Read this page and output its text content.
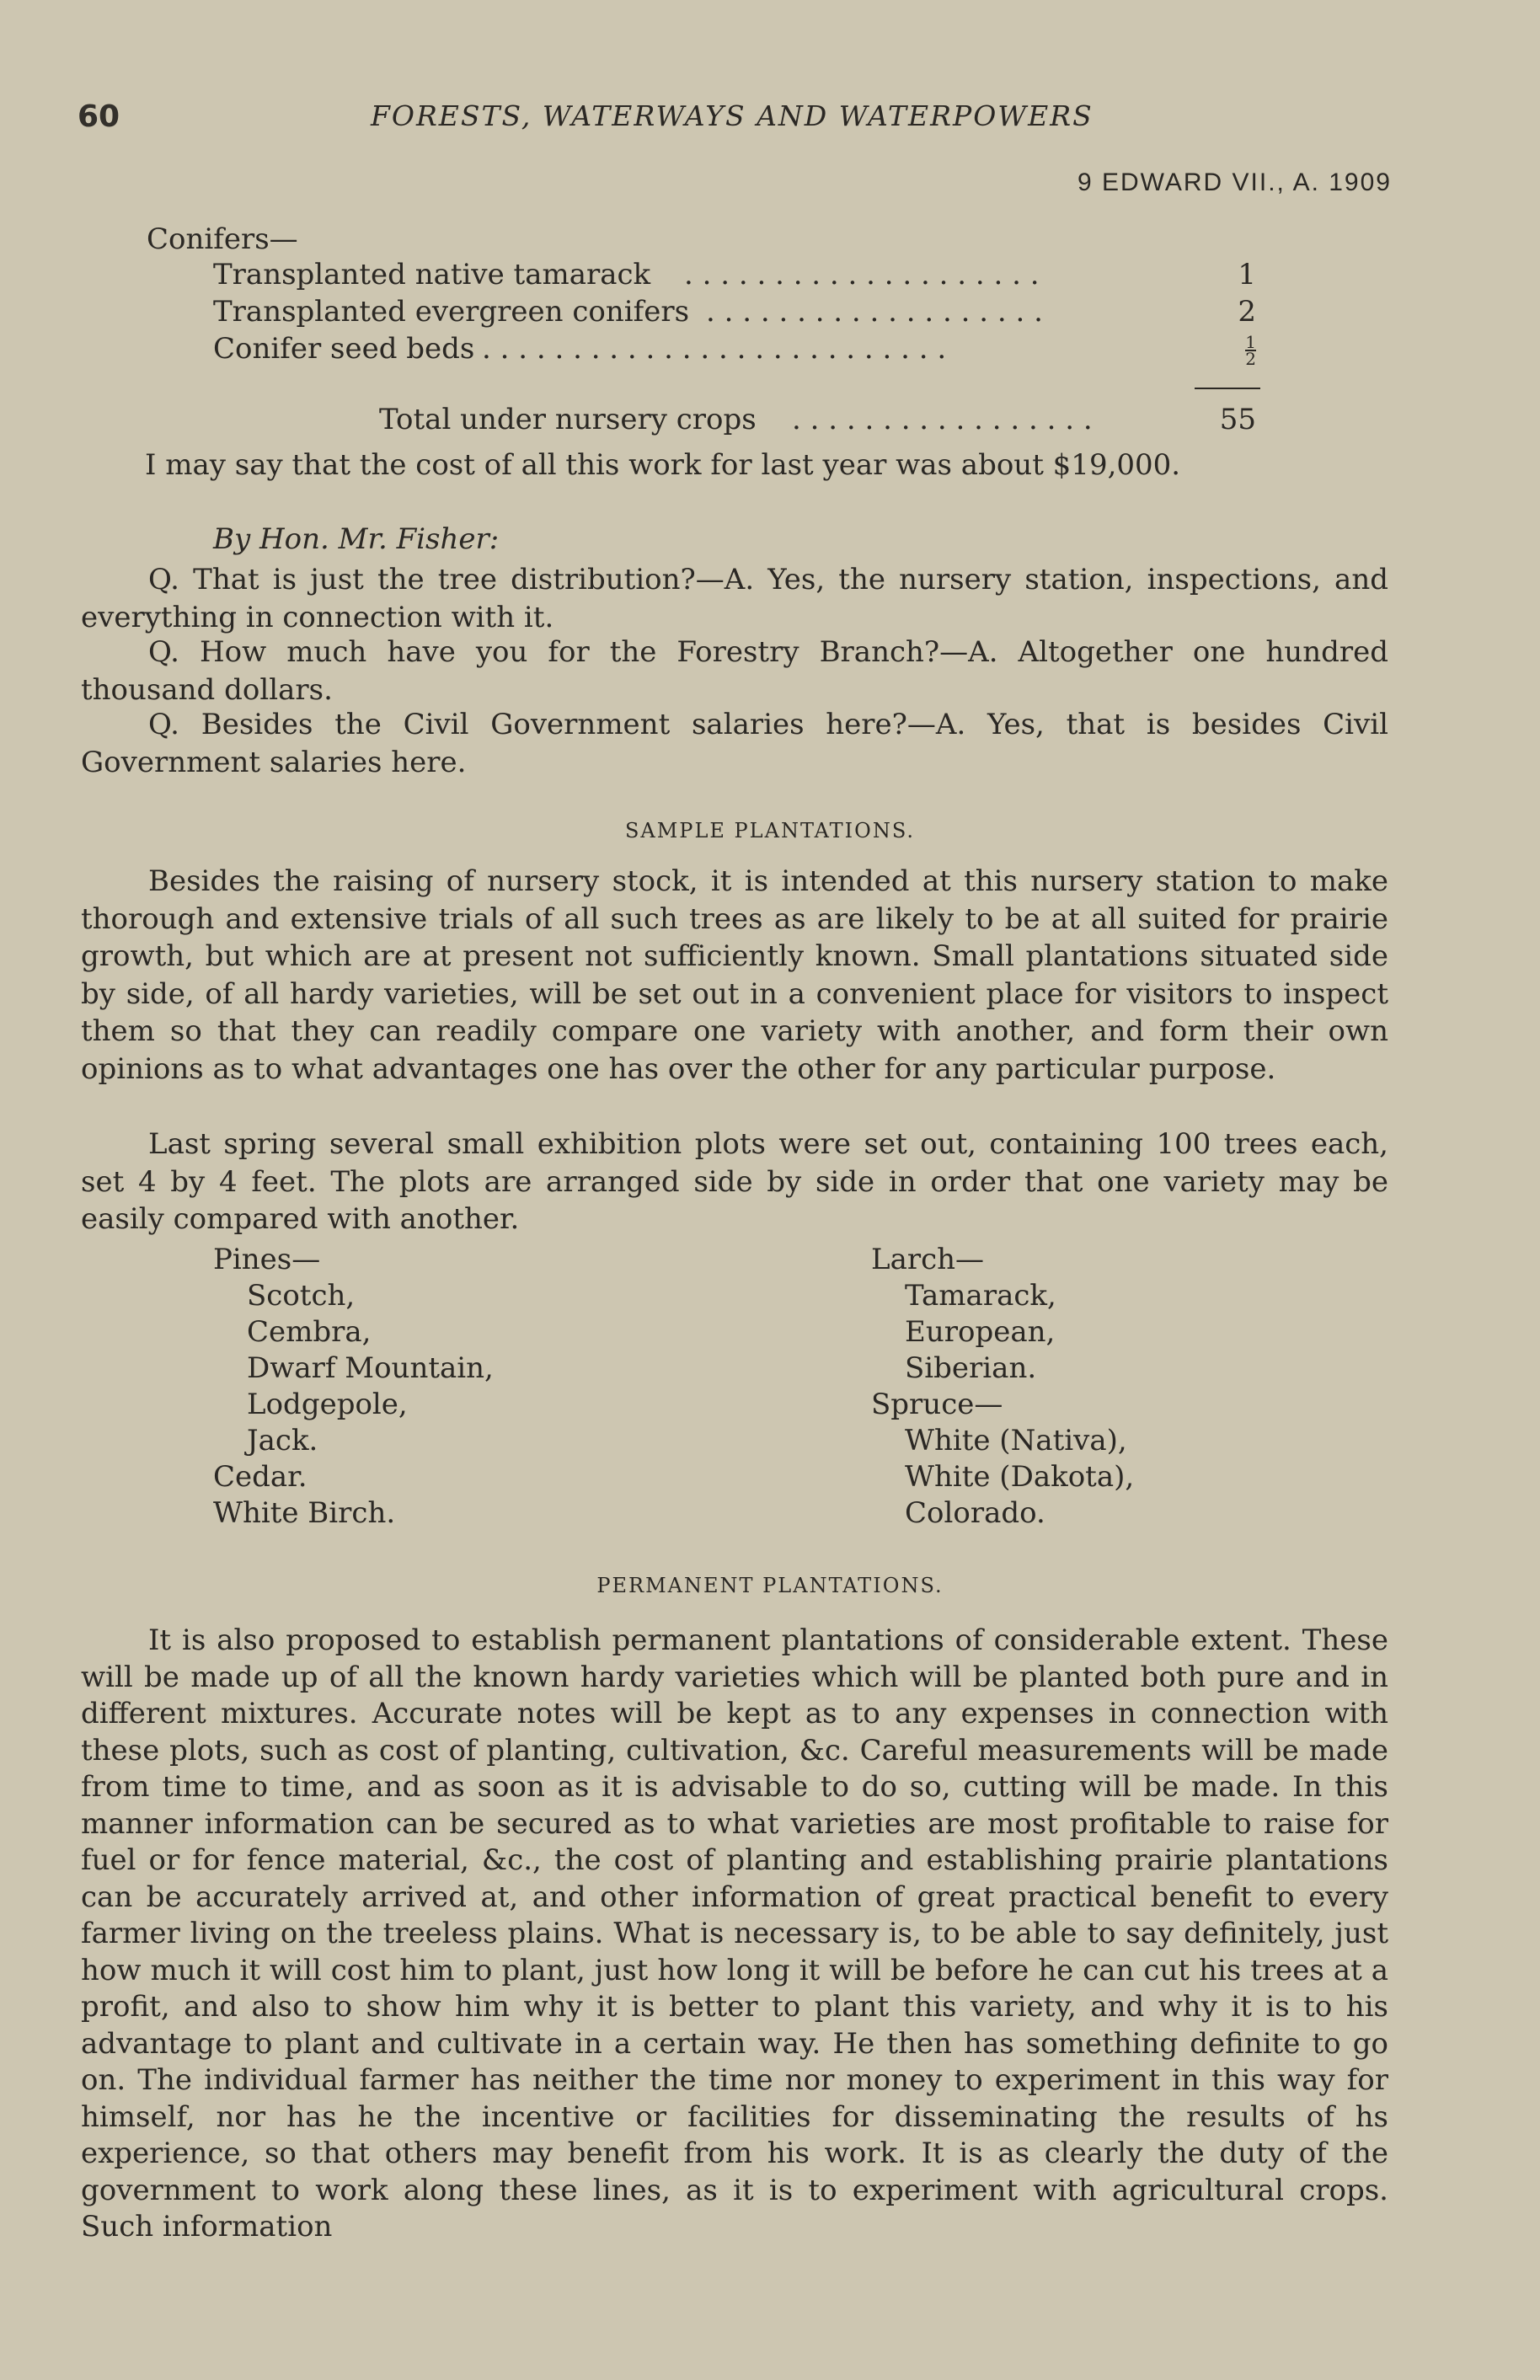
60	FORESTS, WATERWAYS AND WATERPOWERS
9 EDWARD VII., A. 1909
Conifers—
Transplanted native tamarack . . . . . . . . . . . . . . . . . . . .	1
Transplanted evergreen conifers . . . . . . . . . . . . . . . . . . .	2
Conifer seed beds . . . . . . . . . . . . . . . . . . . . . . . . . .	$\frac{1}{2}$
Total under nursery crops . . . . . . . . . . . . . . . . .	55
I may say that the cost of all this work for last year was about $19,000.
By Hon. Mr. Fisher:
Q. That is just the tree distribution?—A. Yes, the nursery station, inspections, and everything in connection with it.
Q. How much have you for the Forestry Branch?—A. Altogether one hundred thousand dollars.
Q. Besides the Civil Government salaries here?—A. Yes, that is besides Civil Government salaries here.
SAMPLE PLANTATIONS.
Besides the raising of nursery stock, it is intended at this nursery station to make thorough and extensive trials of all such trees as are likely to be at all suited for prairie growth, but which are at present not sufficiently known. Small plantations situated side by side, of all hardy varieties, will be set out in a convenient place for visitors to inspect them so that they can readily compare one variety with another, and form their own opinions as to what advantages one has over the other for any particular purpose.
Last spring several small exhibition plots were set out, containing 100 trees each, set 4 by 4 feet. The plots are arranged side by side in order that one variety may be easily compared with another.
Pines—
Scotch,
Cembra,
Dwarf Mountain,
Lodgepole,
Jack.
Cedar.
White Birch.
Larch—
Tamarack,
European,
Siberian.
Spruce—
White (Nativa),
White (Dakota),
Colorado.
PERMANENT PLANTATIONS.
It is also proposed to establish permanent plantations of considerable extent. These will be made up of all the known hardy varieties which will be planted both pure and in different mixtures. Accurate notes will be kept as to any expenses in connection with these plots, such as cost of planting, cultivation, &c. Careful measurements will be made from time to time, and as soon as it is advisable to do so, cutting will be made. In this manner information can be secured as to what varieties are most profitable to raise for fuel or for fence material, &c., the cost of planting and establishing prairie plantations can be accurately arrived at, and other information of great practical benefit to every farmer living on the treeless plains. What is necessary is, to be able to say definitely, just how much it will cost him to plant, just how long it will be before he can cut his trees at a profit, and also to show him why it is better to plant this variety, and why it is to his advantage to plant and cultivate in a certain way. He then has something definite to go on. The individual farmer has neither the time nor money to experiment in this way for himself, nor has he the incentive or facilities for disseminating the results of hs experience, so that others may benefit from his work. It is as clearly the duty of the government to work along these lines, as it is to experiment with agricultural crops. Such information
